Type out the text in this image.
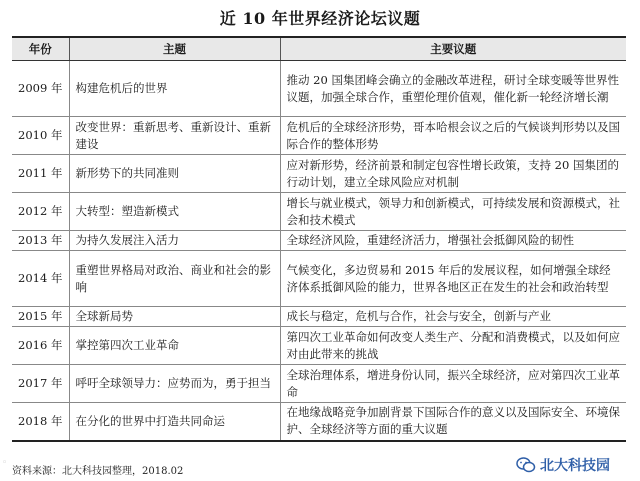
近 10 年世界经济论坛议题
年份	主题	主要议题
2009 年	构建危机后的世界	推动 20 国集团峰会确立的金融改革进程，研讨全球变暖等世界性议题，加强全球合作，重塑伦理价值观，催化新一轮经济增长潮
2010 年	改变世界：重新思考、重新设计、重新建设	危机后的全球经济形势，哥本哈根会议之后的气候谈判形势以及国际合作的整体形势
2011 年	新形势下的共同准则	应对新形势，经济前景和制定包容性增长政策，支持 20 国集团的行动计划，建立全球风险应对机制
2012 年	大转型：塑造新模式	增长与就业模式，领导力和创新模式，可持续发展和资源模式，社会和技术模式
2013 年	为持久发展注入活力	全球经济风险，重建经济活力，增强社会抵御风险的韧性
2014 年	重塑世界格局对政治、商业和社会的影响	气候变化，多边贸易和 2015 年后的发展议程，如何增强全球经济体系抵御风险的能力，世界各地区正在发生的社会和政治转型
2015 年	全球新局势	成长与稳定，危机与合作，社会与安全，创新与产业
2016 年	掌控第四次工业革命	第四次工业革命如何改变人类生产、分配和消费模式，以及如何应对由此带来的挑战
2017 年	呼吁全球领导力：应势而为，勇于担当	全球治理体系，增进身份认同，振兴全球经济，应对第四次工业革命
2018 年	在分化的世界中打造共同命运	在地缘战略竞争加剧背景下国际合作的意义以及国际安全、环境保护、全球经济等方面的重大议题
◦
资料来源：北大科技园整理，2018.02	北大科技园
